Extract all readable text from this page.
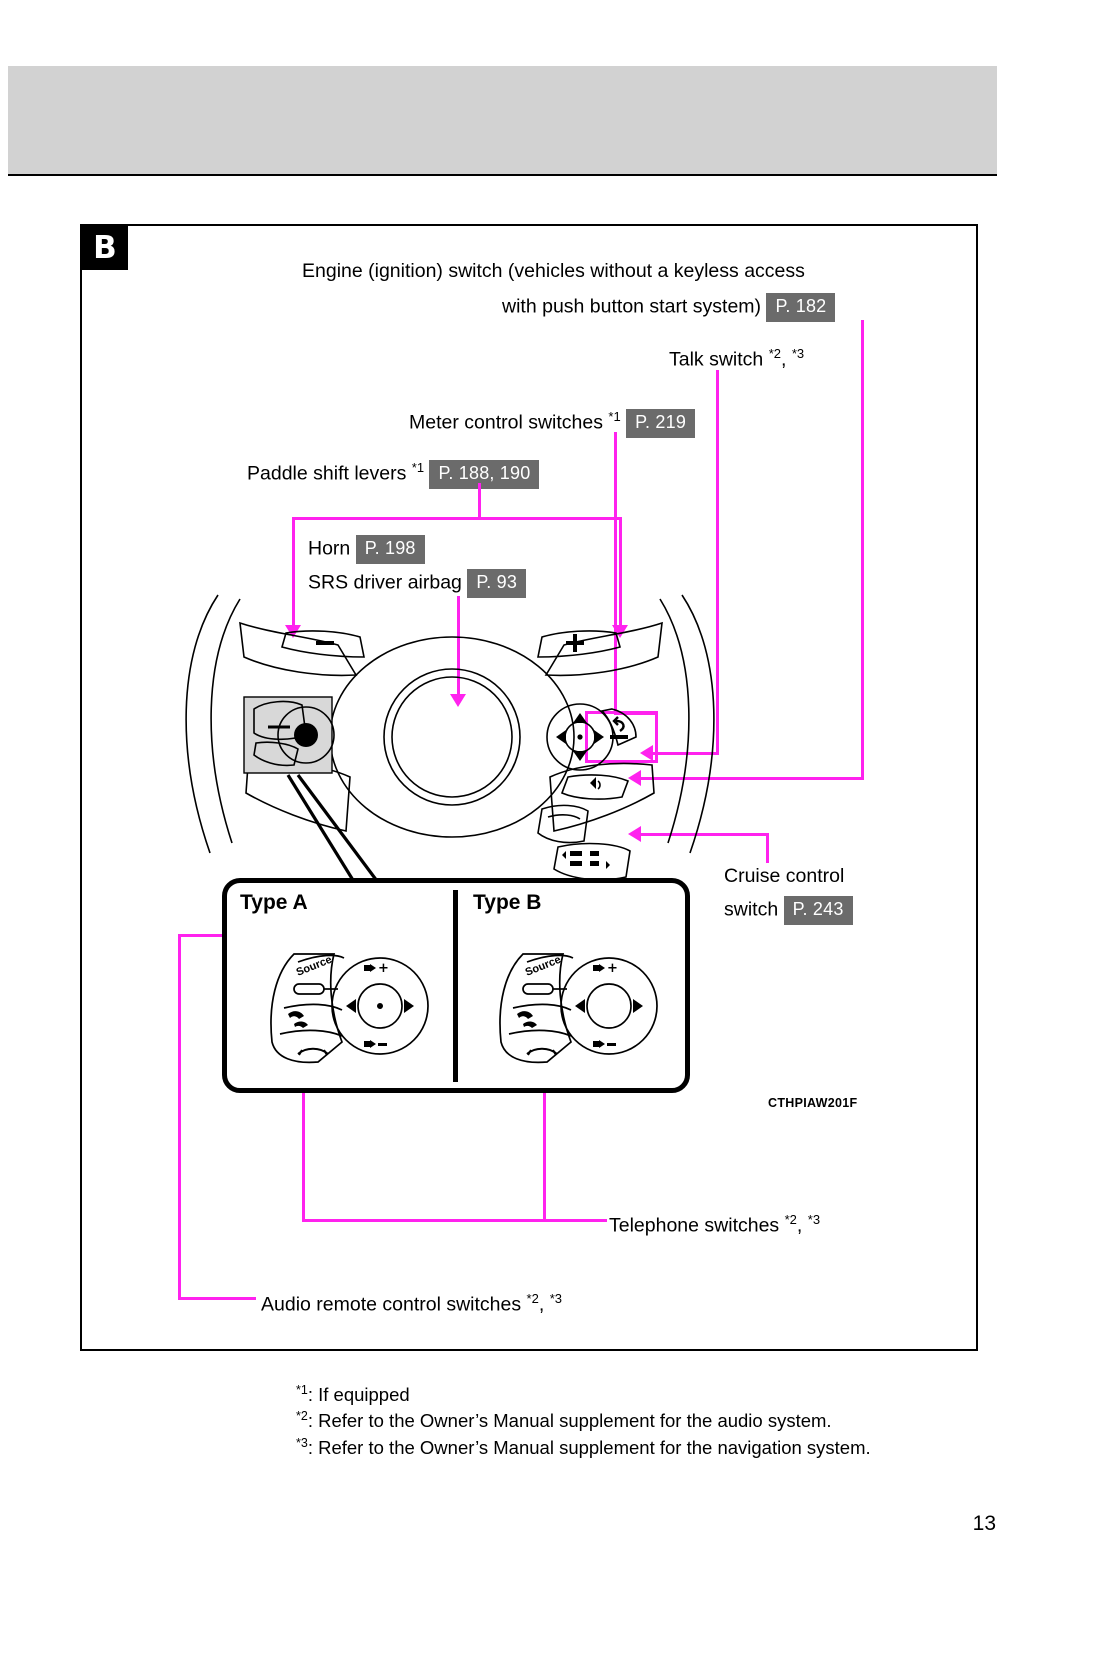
B
Engine (ignition) switch (vehicles without a keyless access
with push button start system) P. 182
Talk switch $^{*2}$, $^{*3}$
Meter control switches $^{*1}$ P. 219
Paddle shift levers $^{*1}$ P. 188, 190
Horn P. 198
SRS driver airbag P. 93
Cruise control
switch P. 243
Telephone switches $^{*2}$, $^{*3}$
Audio remote control switches $^{*2}$, $^{*3}$
Type A	Type B
Source	+	Source	+
CTHPIAW201F
$^{*1}$: If equipped
$^{*2}$: Refer to the Owner’s Manual supplement for the audio system.
$^{*3}$: Refer to the Owner’s Manual supplement for the navigation system.
13
